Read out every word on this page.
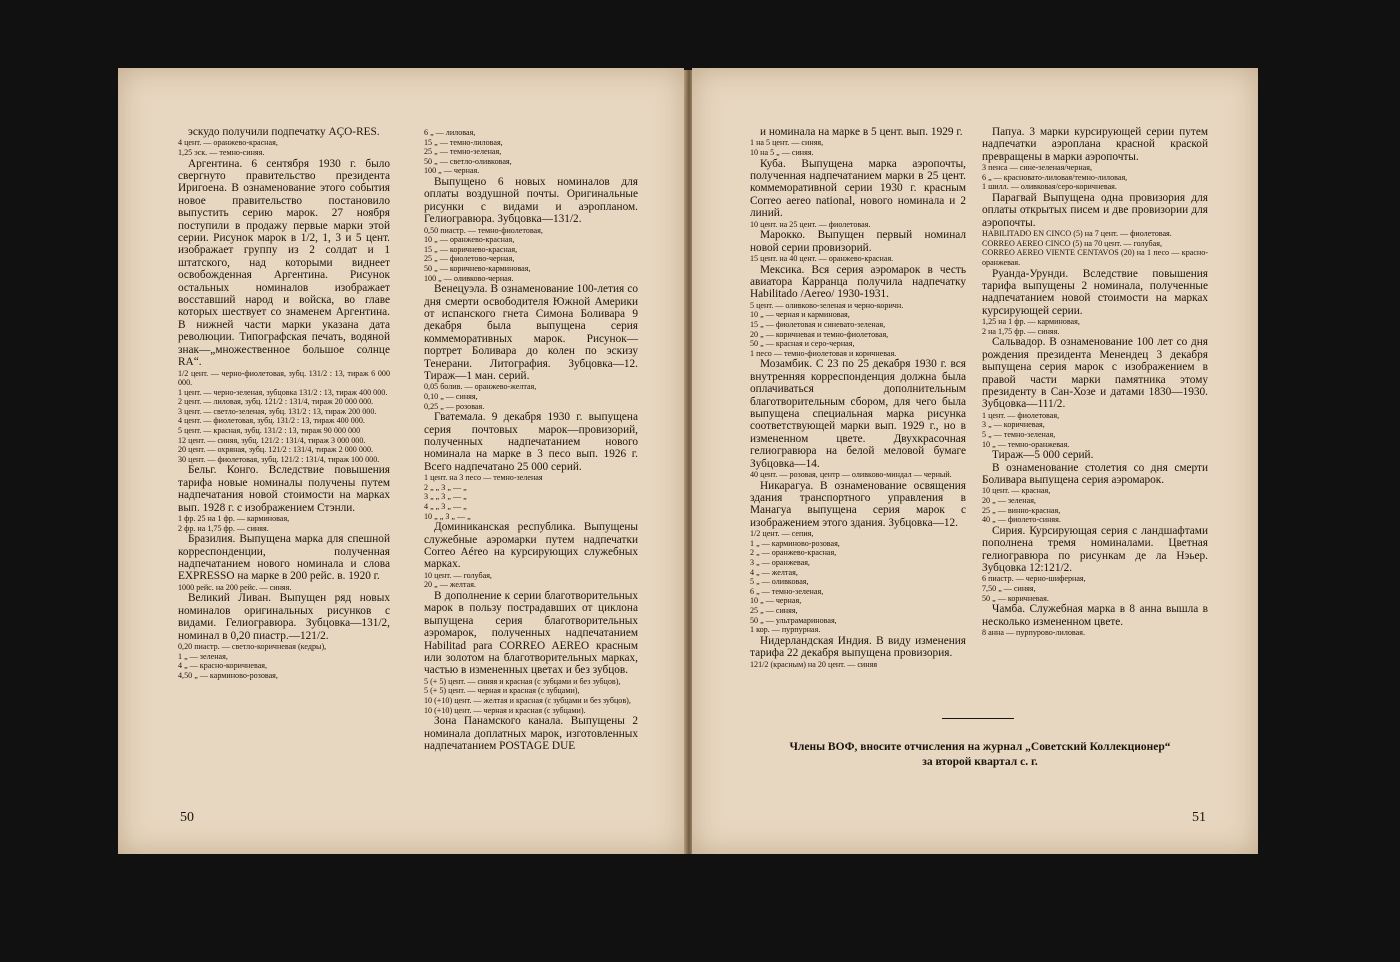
эскудо получили подпечатку AÇO-RES.

4 цент. — оранжево-красная,

1,25 эск. — темно-синяя.

Аргентина. 6 сентября 1930 г. было свергнуто правительство президента Иригоена. В ознаменование этого события новое правительство постановило выпустить серию марок. 27 ноября поступили в продажу первые марки этой серии. Рисунок марок в 1/2, 1, 3 и 5 цент. изображает группу из 2 солдат и 1 штатского, над которыми виднеет освобожденная Аргентина. Рисунок остальных номиналов изображает восставший народ и войска, во главе которых шествует со знаменем Аргентина. В нижней части марки указана дата революции. Типографская печать, водяной знак—„множественное большое солнце RA“.

1/2 цент. — черно-фиолетовая, зубц. 131/2 : 13, тираж 6 000 000.

1 цент. — черно-зеленая, зубцовка 131/2 : 13, тираж 400 000.

2 цент. — лиловая, зубц. 121/2 : 131/4, тираж 20 000 000.

3 цент. — светло-зеленая, зубц. 131/2 : 13, тираж 200 000.

4 цент. — фиолетовая, зубц. 131/2 : 13, тираж 400 000.

5 цент. — красная, зубц. 131/2 : 13, тираж 90 000 000

12 цент. — синяя, зубц. 121/2 : 131/4, тираж 3 000 000.

20 цент. — охряная, зубц. 121/2 : 131/4, тираж 2 000 000.

30 цент. — фиолетовая, зубц. 121/2 : 131/4, тираж 100 000.

Бельг. Конго. Вследствие повышения тарифа новые номиналы получены путем надпечатания новой стоимости на марках вып. 1928 г. с изображением Стэнли.

1 фр. 25 на 1 фр. — карминовая,

2 фр. на 1,75 фр. — синяя.

Бразилия. Выпущена марка для спешной корреспонденции, полученная надпечатанием нового номинала и слова EXPRESSO на марке в 200 рейс. в. 1920 г.

1000 рейс. на 200 рейс. — синяя.

Великий Ливан. Выпущен ряд новых номиналов оригинальных рисунков с видами. Гелиогравюра. Зубцовка—131/2, номинал в 0,20 пиастр.—121/2.

0,20 пиастр. — светло-коричневая (кедры),

1 „ — зеленая,

4 „ — красно-коричневая,

4,50 „ — карминово-розовая,

6 „ — лиловая,

15 „ — темно-лиловая,

25 „ — темно-зеленая,

50 „ — светло-оливковая,

100 „ — черная.

Выпущено 6 новых номиналов для оплаты воздушной почты. Оригинальные рисунки с видами и аэропланом. Гелиогравюра. Зубцовка—131/2.

0,50 пиастр. — темно-фиолетовая,

10 „ — оранжево-красная,

15 „ — коричнево-красная,

25 „ — фиолетово-черная,

50 „ — коричнево-карминовая,

100 „ — оливково-черная.

Венецуэла. В ознаменование 100-летия со дня смерти освободителя Южной Америки от испанского гнета Симона Боливара 9 декабря была выпущена серия коммеморативных марок. Рисунок—портрет Боливара до колен по эскизу Тенерани. Литография. Зубцовка—12. Тираж—1 ман. серий.

0,05 болив. — оранжево-желтая,

0,10 „ — синяя,

0,25 „ — розовая.

Гватемала. 9 декабря 1930 г. выпущена серия почтовых марок—провизорий, полученных надпечатанием нового номинала на марке в 3 песо вып. 1926 г. Всего надпечатано 25 000 серий.

1 цент. на 3 песо — темно-зеленая

2 „ „ 3 „ — „

3 „ „ 3 „ — „

4 „ „ 3 „ — „

10 „ „ 3 „ — „

Доминиканская республика. Выпущены служебные аэромарки путем надпечатки Correo Aéreo на курсирующих служебных марках.

10 цент. — голубая,

20 „ — желтая.

В дополнение к серии благотворительных марок в пользу пострадавших от циклона выпущена серия благотворительных аэромарок, полученных надпечатанием Habilitad para CORREO AEREO красным или золотом на благотворительных марках, частью в измененных цветах и без зубцов.

5 (+ 5) цент. — синяя и красная (с зубцами и без зубцов),

5 (+ 5) цент. — черная и красная (с зубцами),

10 (+10) цент. — желтая и красная (с зубцами и без зубцов),

10 (+10) цент. — черная и красная (с зубцами).

Зона Панамского канала. Выпущены 2 номинала доплатных марок, изготовленных надпечатанием POSTAGE DUE

50

и номинала на марке в 5 цент. вып. 1929 г.

1 на 5 цент. — синяя,

10 на 5 „ — синяя.

Куба. Выпущена марка аэропочты, полученная надпечатанием марки в 25 цент. коммеморативной серии 1930 г. красным Correo aereo national, нового номинала и 2 линий.

10 цент. на 25 цент. — фиолетовая.

Марокко. Выпущен первый номинал новой серии провизорий.

15 цент. на 40 цент. — оранжево-красная.

Мексика. Вся серия аэромарок в честь авиатора Карранца получила надпечатку Habilitado /Aereo/ 1930-1931.

5 цент. — оливково-зеленая и черно-коричн.

10 „ — черная и карминовая,

15 „ — фиолетовая и синевато-зеленая,

20 „ — коричневая и темно-фиолетовая,

50 „ — красная и серо-черная,

1 песо — темно-фиолетовая и коричневая.

Мозамбик. С 23 по 25 декабря 1930 г. вся внутренняя корреспонденция должна была оплачиваться дополнительным благотворительным сбором, для чего была выпущена специальная марка рисунка соответствующей марки вып. 1929 г., но в измененном цвете. Двухкрасочная гелиогравюра на белой меловой бумаге Зубцовка—14.

40 цент. — розовая, центр — оливково-миндал — черный.

Никарагуа. В ознаменование освящения здания транспортного управления в Манагуа выпущена серия марок с изображением этого здания. Зубцовка—12.

1/2 цент. — сепия,

1 „ — карминово-розовая,

2 „ — оранжево-красная,

3 „ — оранжевая,

4 „ — желтая,

5 „ — оливковая,

6 „ — темно-зеленая,

10 „ — черная,

25 „ — синяя,

50 „ — ультрамариновая,

1 кор. — пурпурная.

Нидерландская Индия. В виду изменения тарифа 22 декабря выпущена провизория.

121/2 (красным) на 20 цент. — синяя

Папуа. 3 марки курсирующей серии путем надпечатки аэроплана красной краской превращены в марки аэропочты.

3 пенса — сине-зеленая/черная,

6 „ — красновато-лиловая/темно-лиловая,

1 шилл. — оливковая/серо-коричневая.

Парагвай Выпущена одна провизория для оплаты открытых писем и две провизории для аэропочты.

HABILITADO EN CINCO (5) на 7 цент. — фиолетовая.

CORREO AEREO CINCO (5) на 70 цент. — голубая,

CORREO AEREO VIENTE CENTAVOS (20) на 1 песо — красно-оранжевая.

Руанда-Урунди. Вследствие повышения тарифа выпущены 2 номинала, полученные надпечатанием новой стоимости на марках курсирующей серии.

1,25 на 1 фр. — карминовая,

2 на 1,75 фр. — синяя.

Сальвадор. В ознаменование 100 лет со дня рождения президента Менендец 3 декабря выпущена серия марок с изображением в правой части марки памятника этому президенту в Сан-Хозе и датами 1830—1930. Зубцовка—111/2.

1 цент. — фиолетовая,

3 „ — коричневая,

5 „ — темно-зеленая,

10 „ — темно-оранжевая.

Тираж—5 000 серий.

В ознаменование столетия со дня смерти Боливара выпущена серия аэромарок.

10 цент. — красная,

20 „ — зеленая,

25 „ — винно-красная,

40 „ — фиолето-синяя.

Сирия. Курсирующая серия с ландшафтами пополнена тремя номиналами. Цветная гелиогравюра по рисункам де ла Нэьер. Зубцовка 12:121/2.

6 пиастр. — черно-шиферная,

7,50 „ — синяя,

50 „ — коричневая.

Чамба. Служебная марка в 8 анна вышла в несколько измененном цвете.

8 анна — пурпурово-лиловая.

Члены ВОФ, вносите отчисления на журнал „Советский Коллекционер“
за второй квартал с. г.
51
